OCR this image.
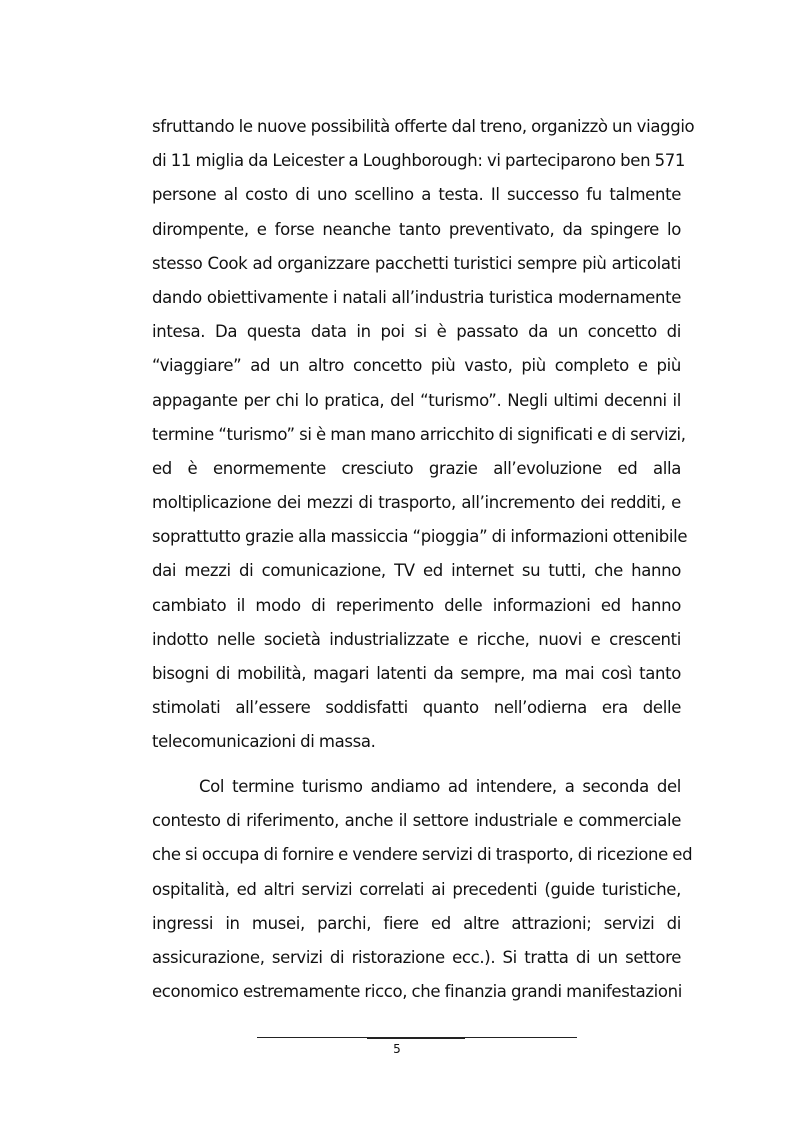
sfruttando le nuove possibilità offerte dal treno, organizzò un viaggio
di 11 miglia da Leicester a Loughborough: vi parteciparono ben 571
persone al costo di uno scellino a testa. Il successo fu talmente
dirompente, e forse neanche tanto preventivato, da spingere lo
stesso Cook ad organizzare pacchetti turistici sempre più articolati
dando obiettivamente i natali all’industria turistica modernamente
intesa. Da questa data in poi si è passato da un concetto di
“viaggiare” ad un altro concetto più vasto, più completo e più
appagante per chi lo pratica, del “turismo”. Negli ultimi decenni il
termine “turismo” si è man mano arricchito di significati e di servizi,
ed è enormemente cresciuto grazie all’evoluzione ed alla
moltiplicazione dei mezzi di trasporto, all’incremento dei redditi, e
soprattutto grazie alla massiccia “pioggia” di informazioni ottenibile
dai mezzi di comunicazione, TV ed internet su tutti, che hanno
cambiato il modo di reperimento delle informazioni ed hanno
indotto nelle società industrializzate e ricche, nuovi e crescenti
bisogni di mobilità, magari latenti da sempre, ma mai così tanto
stimolati all’essere soddisfatti quanto nell’odierna era delle
telecomunicazioni di massa.
Col termine turismo andiamo ad intendere, a seconda del
contesto di riferimento, anche il settore industriale e commerciale
che si occupa di fornire e vendere servizi di trasporto, di ricezione ed
ospitalità, ed altri servizi correlati ai precedenti (guide turistiche,
ingressi in musei, parchi, fiere ed altre attrazioni; servizi di
assicurazione, servizi di ristorazione ecc.). Si tratta di un settore
economico estremamente ricco, che finanzia grandi manifestazioni
5
